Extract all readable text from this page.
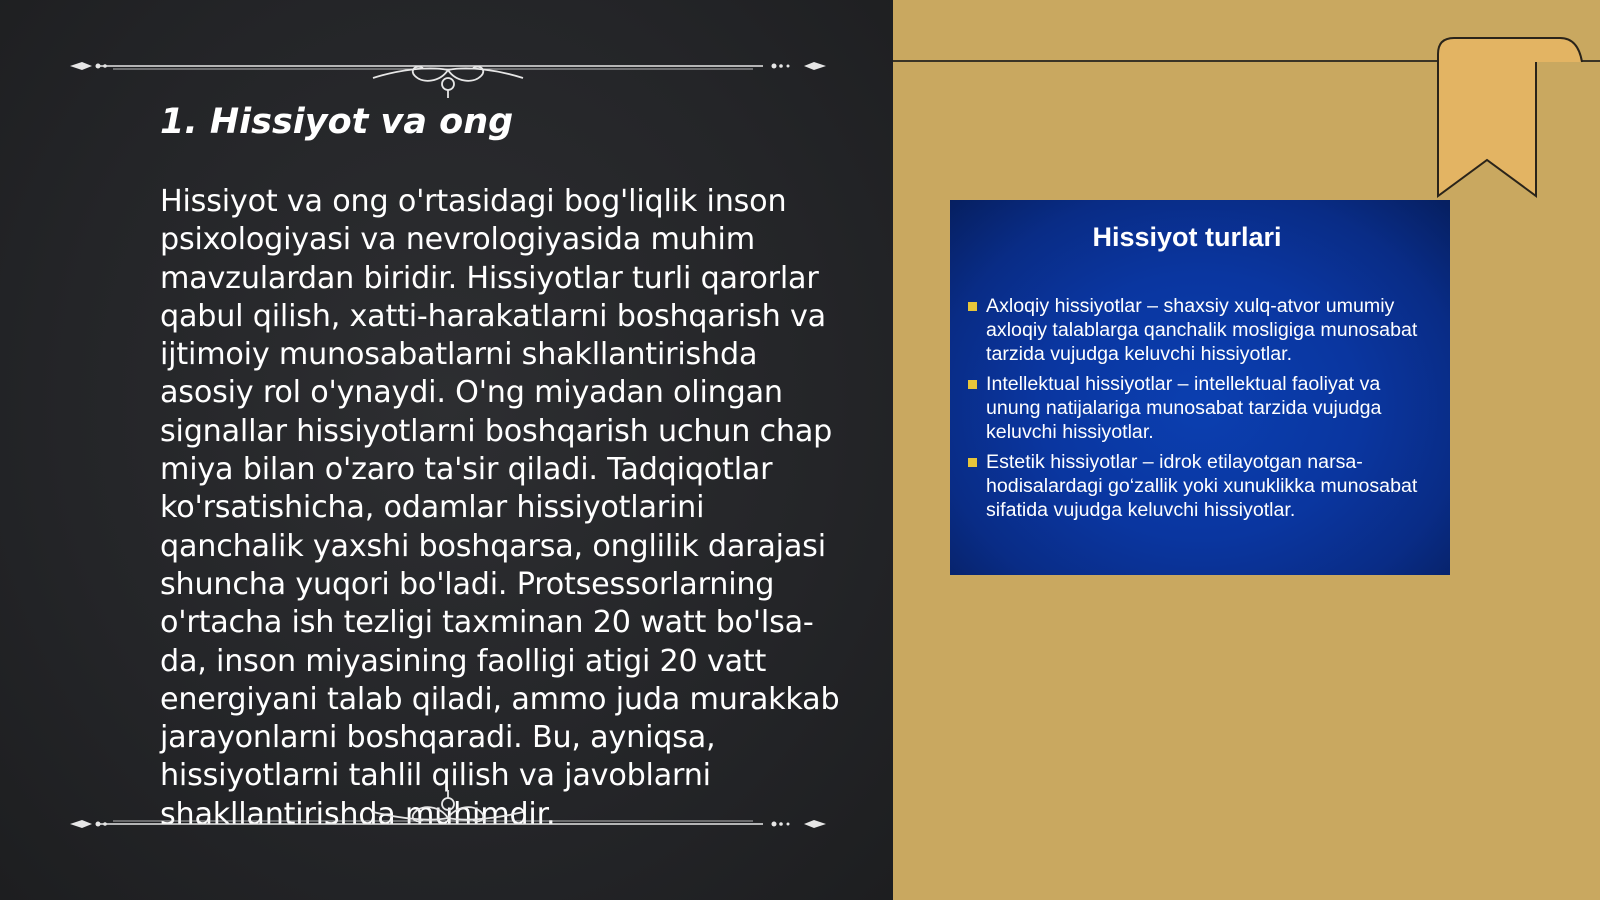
1. Hissiyot va ong

Hissiyot va ong o'rtasidagi bog'liqlik inson psixologiyasi va nevrologiyasida muhim mavzulardan biridir. Hissiyotlar turli qarorlar qabul qilish, xatti-harakatlarni boshqarish va ijtimoiy munosabatlarni shakllantirishda asosiy rol o'ynaydi. O'ng miyadan olingan signallar hissiyotlarni boshqarish uchun chap miya bilan o'zaro ta'sir qiladi. Tadqiqotlar ko'rsatishicha, odamlar hissiyotlarini qanchalik yaxshi boshqarsa, onglilik darajasi shuncha yuqori bo'ladi. Protsessorlarning o'rtacha ish tezligi taxminan 20 watt bo'lsa-da, inson miyasining faolligi atigi 20 vatt energiyani talab qiladi, ammo juda murakkab jarayonlarni boshqaradi. Bu, ayniqsa, hissiyotlarni tahlil qilish va javoblarni shakllantirishda muhimdir.

Hissiyot turlari
Axloqiy hissiyotlar – shaxsiy xulq-atvor umumiy axloqiy talablarga qanchalik mosligiga munosabat tarzida vujudga keluvchi hissiyotlar.
Intellektual hissiyotlar – intellektual faoliyat va unung natijalariga munosabat tarzida vujudga keluvchi hissiyotlar.
Estetik hissiyotlar – idrok etilayotgan narsa-hodisalardagi go‘zallik yoki xunuklikka munosabat sifatida vujudga keluvchi hissiyotlar.
